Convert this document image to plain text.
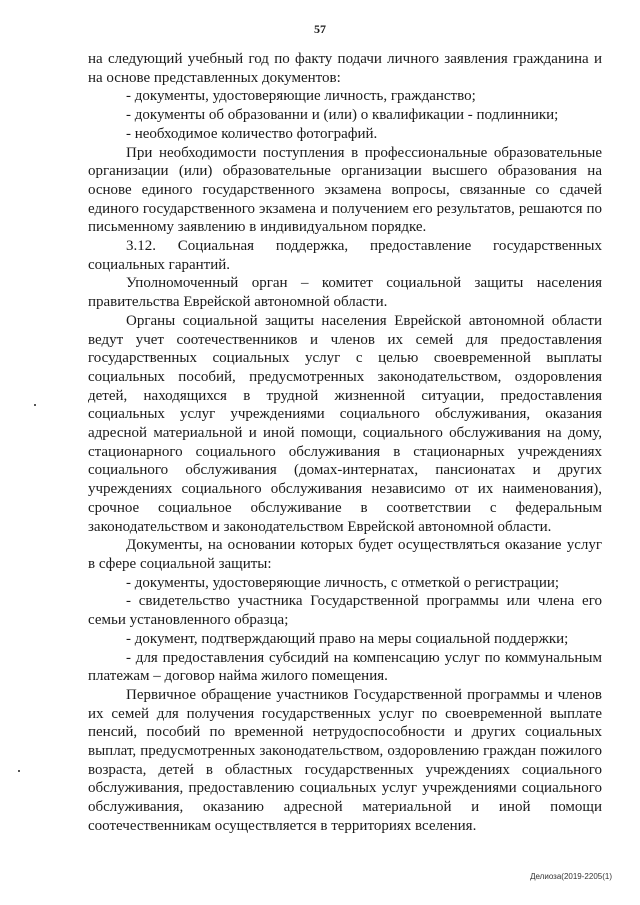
57

на следующий учебный год по факту подачи личного заявления гражданина и на основе представленных документов:

- документы, удостоверяющие личность, гражданство;

- документы об образованни и (или) о квалификации - подлинники;

- необходимое количество фотографий.

При необходимости поступления в профессиональные образовательные организации (или) образовательные организации высшего образования на основе единого государственного экзамена вопросы, связанные со сдачей единого государственного экзамена и получением его результатов, решаются по письменному заявлению в индивидуальном порядке.

3.12. Социальная поддержка, предоставление государственных социальных гарантий.

Уполномоченный орган – комитет социальной защиты населения правительства Еврейской автономной области.

Органы социальной защиты населения Еврейской автономной области ведут учет соотечественников и членов их семей для предоставления государственных социальных услуг с целью своевременной выплаты социальных пособий, предусмотренных законодательством, оздоровления детей, находящихся в трудной жизненной ситуации, предоставления социальных услуг учреждениями социального обслуживания, оказания адресной материальной и иной помощи, социального обслуживания на дому, стационарного социального обслуживания в стационарных учреждениях социального обслуживания (домах-интернатах, пансионатах и других учреждениях социального обслуживания независимо от их наименования), срочное социальное обслуживание в соответствии с федеральным законодательством и законодательством Еврейской автономной области.

Документы, на основании которых будет осуществляться оказание услуг в сфере социальной защиты:

- документы, удостоверяющие личность, с отметкой о регистрации;

- свидетельство участника Государственной программы или члена его семьи установленного образца;

- документ, подтверждающий право на меры социальной поддержки;

- для предоставления субсидий на компенсацию услуг по коммунальным платежам – договор найма жилого помещения.

Первичное обращение участников Государственной программы и членов их семей для получения государственных услуг по своевременной выплате пенсий, пособий по временной нетрудоспособности и других социальных выплат, предусмотренных законодательством, оздоровлению граждан пожилого возраста, детей в областных государственных учреждениях социального обслуживания, предоставлению социальных услуг учреждениями социального обслуживания, оказанию адресной материальной и иной помощи соотечественникам осуществляется в территориях вселения.

Делиоза(2019-2205(1)
